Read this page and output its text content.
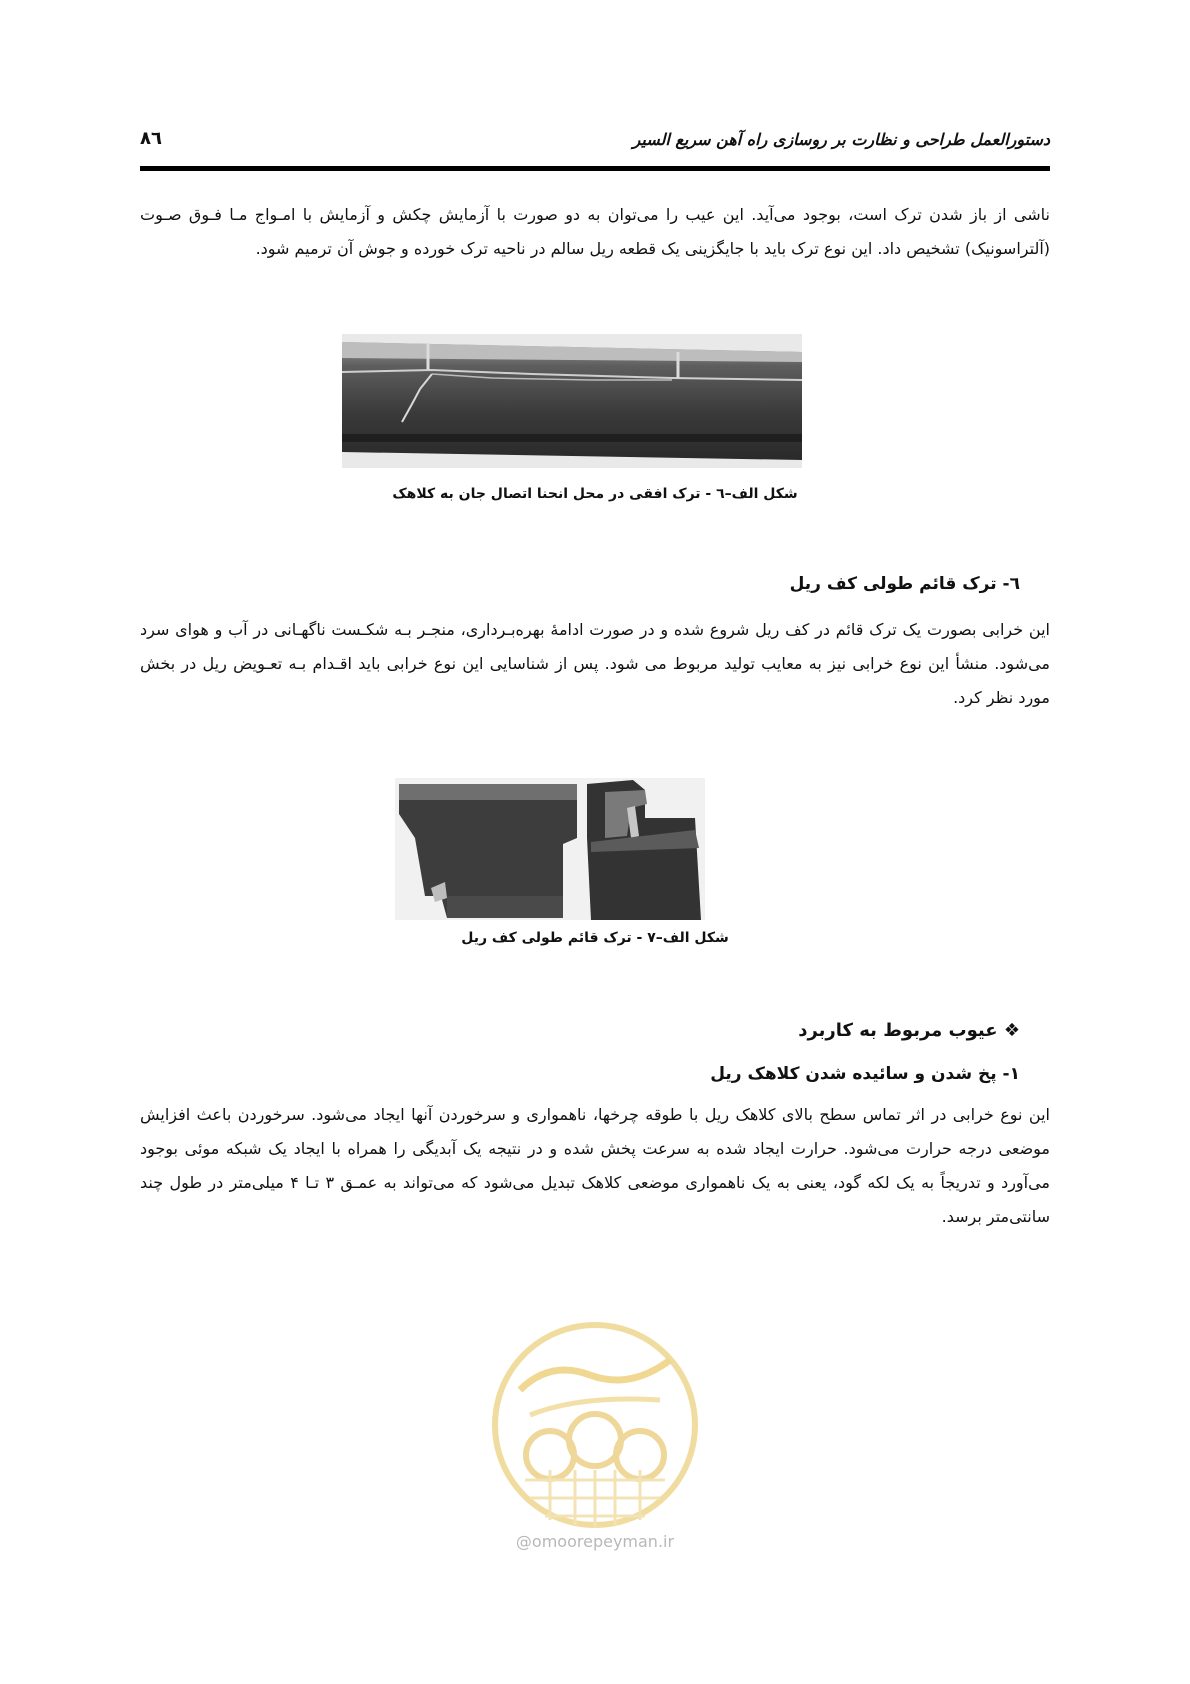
دستورالعمل طراحی و نظارت بر روسازی راه آهن سریع السیر
۸٦

ناشی از باز شدن ترک است، بوجود می‌آید. این عیب را می‌توان به دو صورت با آزمایش چکش و آزمایش با امـواج مـا فـوق صـوت (آلتراسونیک) تشخیص داد. این نوع ترک باید با جایگزینی یک قطعه ریل سالم در ناحیه ترک خورده و جوش آن ترمیم شود.

شکل الف–٦ - ترک افقی در محل انحنا اتصال جان به کلاهک
٦- ترک قائم طولی کف ریل

این خرابی بصورت یک ترک قائم در کف ریل شروع شده و در صورت ادامهٔ بهره‌بـرداری، منجـر بـه شکـست ناگهـانی در آب و هوای سرد می‌شود. منشأ این نوع خرابی نیز به معایب تولید مربوط می شود. پس از شناسایی این نوع خرابی باید اقـدام بـه تعـویض ریل در بخش مورد نظر کرد.

شکل الف–۷ - ترک قائم طولی کف ریل
❖ عیوب مربوط به کاربرد
۱- پخ شدن و سائیده شدن کلاهک ریل

این نوع خرابی در اثر تماس سطح بالای کلاهک ریل با طوقه چرخها، ناهمواری و سرخوردن آنها ایجاد می‌شود. سرخوردن باعث افزایش موضعی درجه حرارت می‌شود. حرارت ایجاد شده به سرعت پخش شده و در نتیجه یک آبدیگی را همراه با ایجاد یک شبکه موئی بوجود می‌آورد و تدریجاً به یک لکه گود، یعنی به یک ناهمواری موضعی کلاهک تبدیل می‌شود که می‌تواند به عمـق ۳ تـا ۴ میلی‌متر در طول چند سانتی‌متر برسد.

@omoorepeyman.ir
